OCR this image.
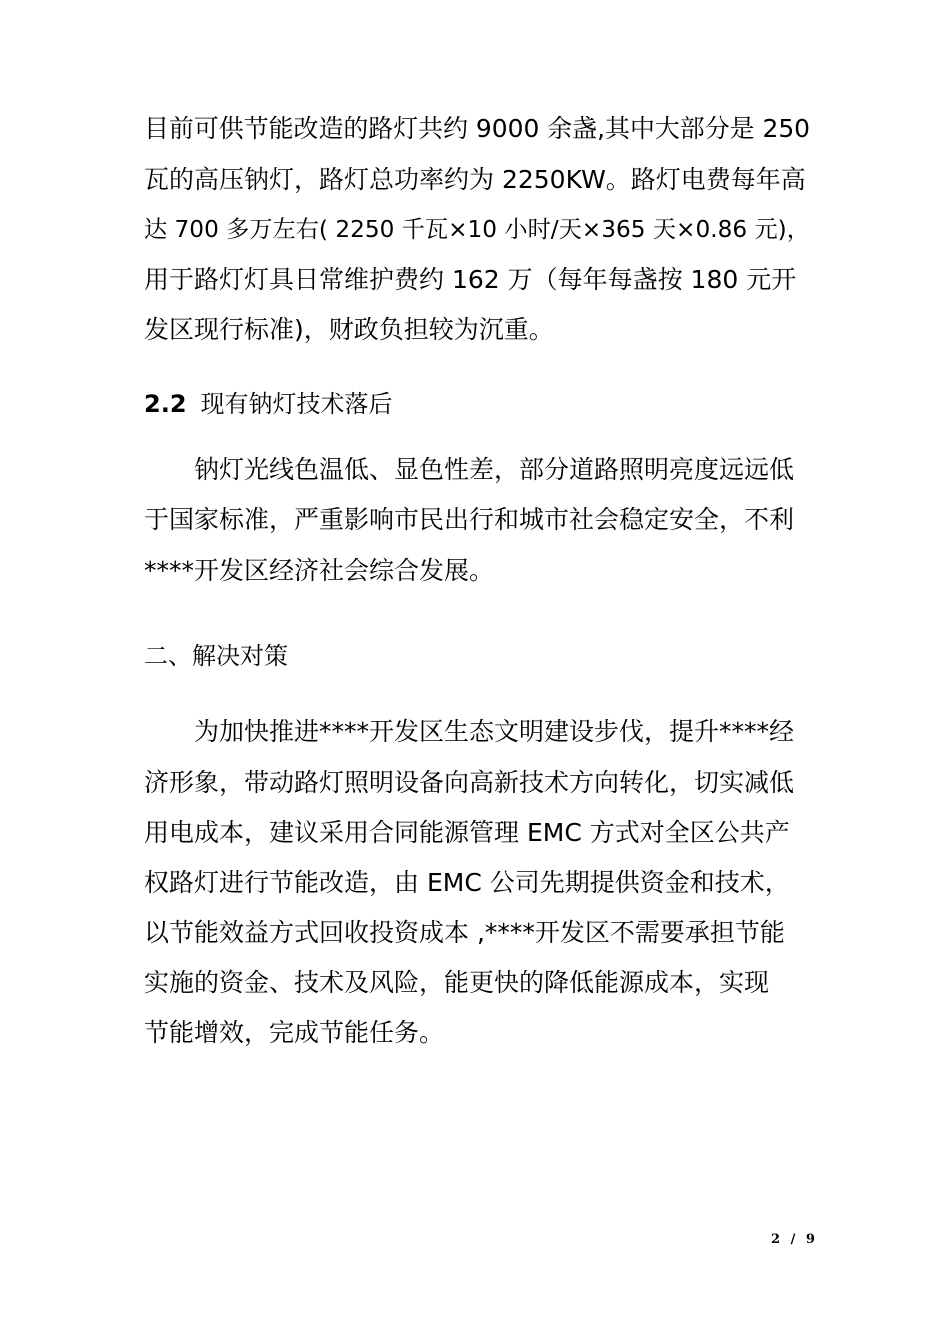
目前可供节能改造的路灯共约 9000 余盏,其中大部分是 250
瓦的高压钠灯，路灯总功率约为 2250KW。路灯电费每年高
达 700 多万左右( 2250 千瓦×10 小时/天×365 天×0.86 元)，
用于路灯灯具日常维护费约 162 万（每年每盏按 180 元开
发区现行标准)，财政负担较为沉重。
2.2 现有钠灯技术落后
钠灯光线色温低、显色性差，部分道路照明亮度远远低
于国家标准，严重影响市民出行和城市社会稳定安全，不利
****开发区经济社会综合发展。
二、解决对策
为加快推进****开发区生态文明建设步伐，提升****经
济形象，带动路灯照明设备向高新技术方向转化，切实减低
用电成本，建议采用合同能源管理 EMC 方式对全区公共产
权路灯进行节能改造，由 EMC 公司先期提供资金和技术，
以节能效益方式回收投资成本 ,****开发区不需要承担节能
实施的资金、技术及风险，能更快的降低能源成本，实现
节能增效，完成节能任务。
2 / 9
